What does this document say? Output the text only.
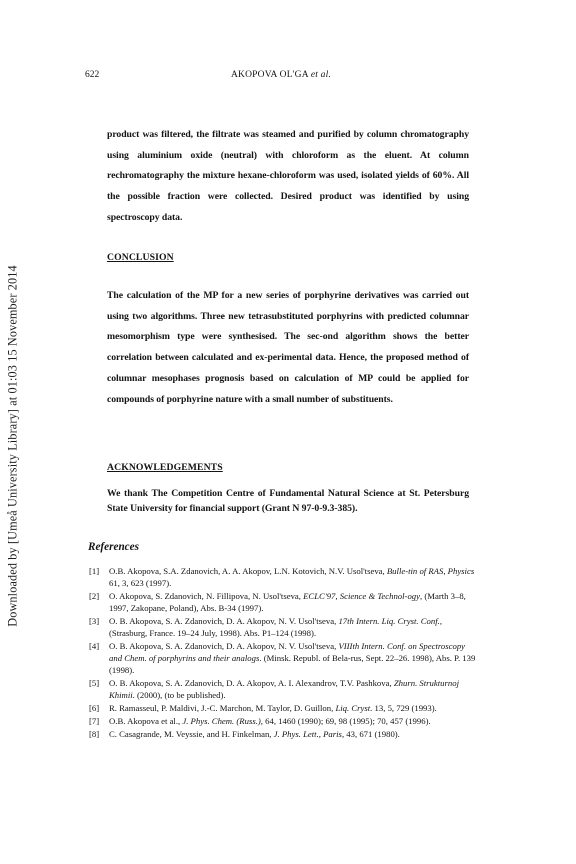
Downloaded by [Umeå University Library] at 01:03 15 November 2014
622	AKOPOVA OL'GA et al.

product was filtered, the filtrate was steamed and purified by column chromatography using aluminium oxide (neutral) with chloroform as the eluent. At column rechromatography the mixture hexane-chloroform was used, isolated yields of 60%. All the possible fraction were collected. Desired product was identified by using spectroscopy data.

CONCLUSION

The calculation of the MP for a new series of porphyrine derivatives was carried out using two algorithms. Three new tetrasubstituted porphyrins with predicted columnar mesomorphism type were synthesised. The sec-ond algorithm shows the better correlation between calculated and ex-perimental data. Hence, the proposed method of columnar mesophases prognosis based on calculation of MP could be applied for compounds of porphyrine nature with a small number of substituents.

ACKNOWLEDGEMENTS

We thank The Competition Centre of Fundamental Natural Science at St. Petersburg State University for financial support (Grant N 97-0-9.3-385).

References
[1]	O.B. Akopova, S.A. Zdanovich, A. A. Akopov, L.N. Kotovich, N.V. Usol'tseva, Bulle-tin of RAS, Physics 61, 3, 623 (1997).
[2]	O. Akopova, S. Zdanovich, N. Fillipova, N. Usol'tseva, ECLC'97, Science & Technol-ogy, (Marth 3–8, 1997, Zakopane, Poland), Abs. B-34 (1997).
[3]	O. B. Akopova, S. A. Zdanovich, D. A. Akopov, N. V. Usol'tseva, 17th Intern. Liq. Cryst. Conf., (Strasburg, France. 19–24 July, 1998). Abs. P1–124 (1998).
[4]	O. B. Akopova, S. A. Zdanovich, D. A. Akopov, N. V. Usol'tseva, VIIIth Intern. Conf. on Spectroscopy and Chem. of porphyrins and their analogs. (Minsk. Republ. of Bela-rus, Sept. 22–26. 1998), Abs. P. 139 (1998).
[5]	O. B. Akopova, S. A. Zdanovich, D. A. Akopov, A. I. Alexandrov, T.V. Pashkova, Zhurn. Strukturnoj Khimii. (2000), (to be published).
[6]	R. Ramasseul, P. Maldivi, J.-C. Marchon, M. Taylor, D. Guillon, Liq. Cryst. 13, 5, 729 (1993).
[7]	O.B. Akopova et al., J. Phys. Chem. (Russ.), 64, 1460 (1990); 69, 98 (1995); 70, 457 (1996).
[8]	C. Casagrande, M. Veyssie, and H. Finkelman, J. Phys. Lett., Paris, 43, 671 (1980).
